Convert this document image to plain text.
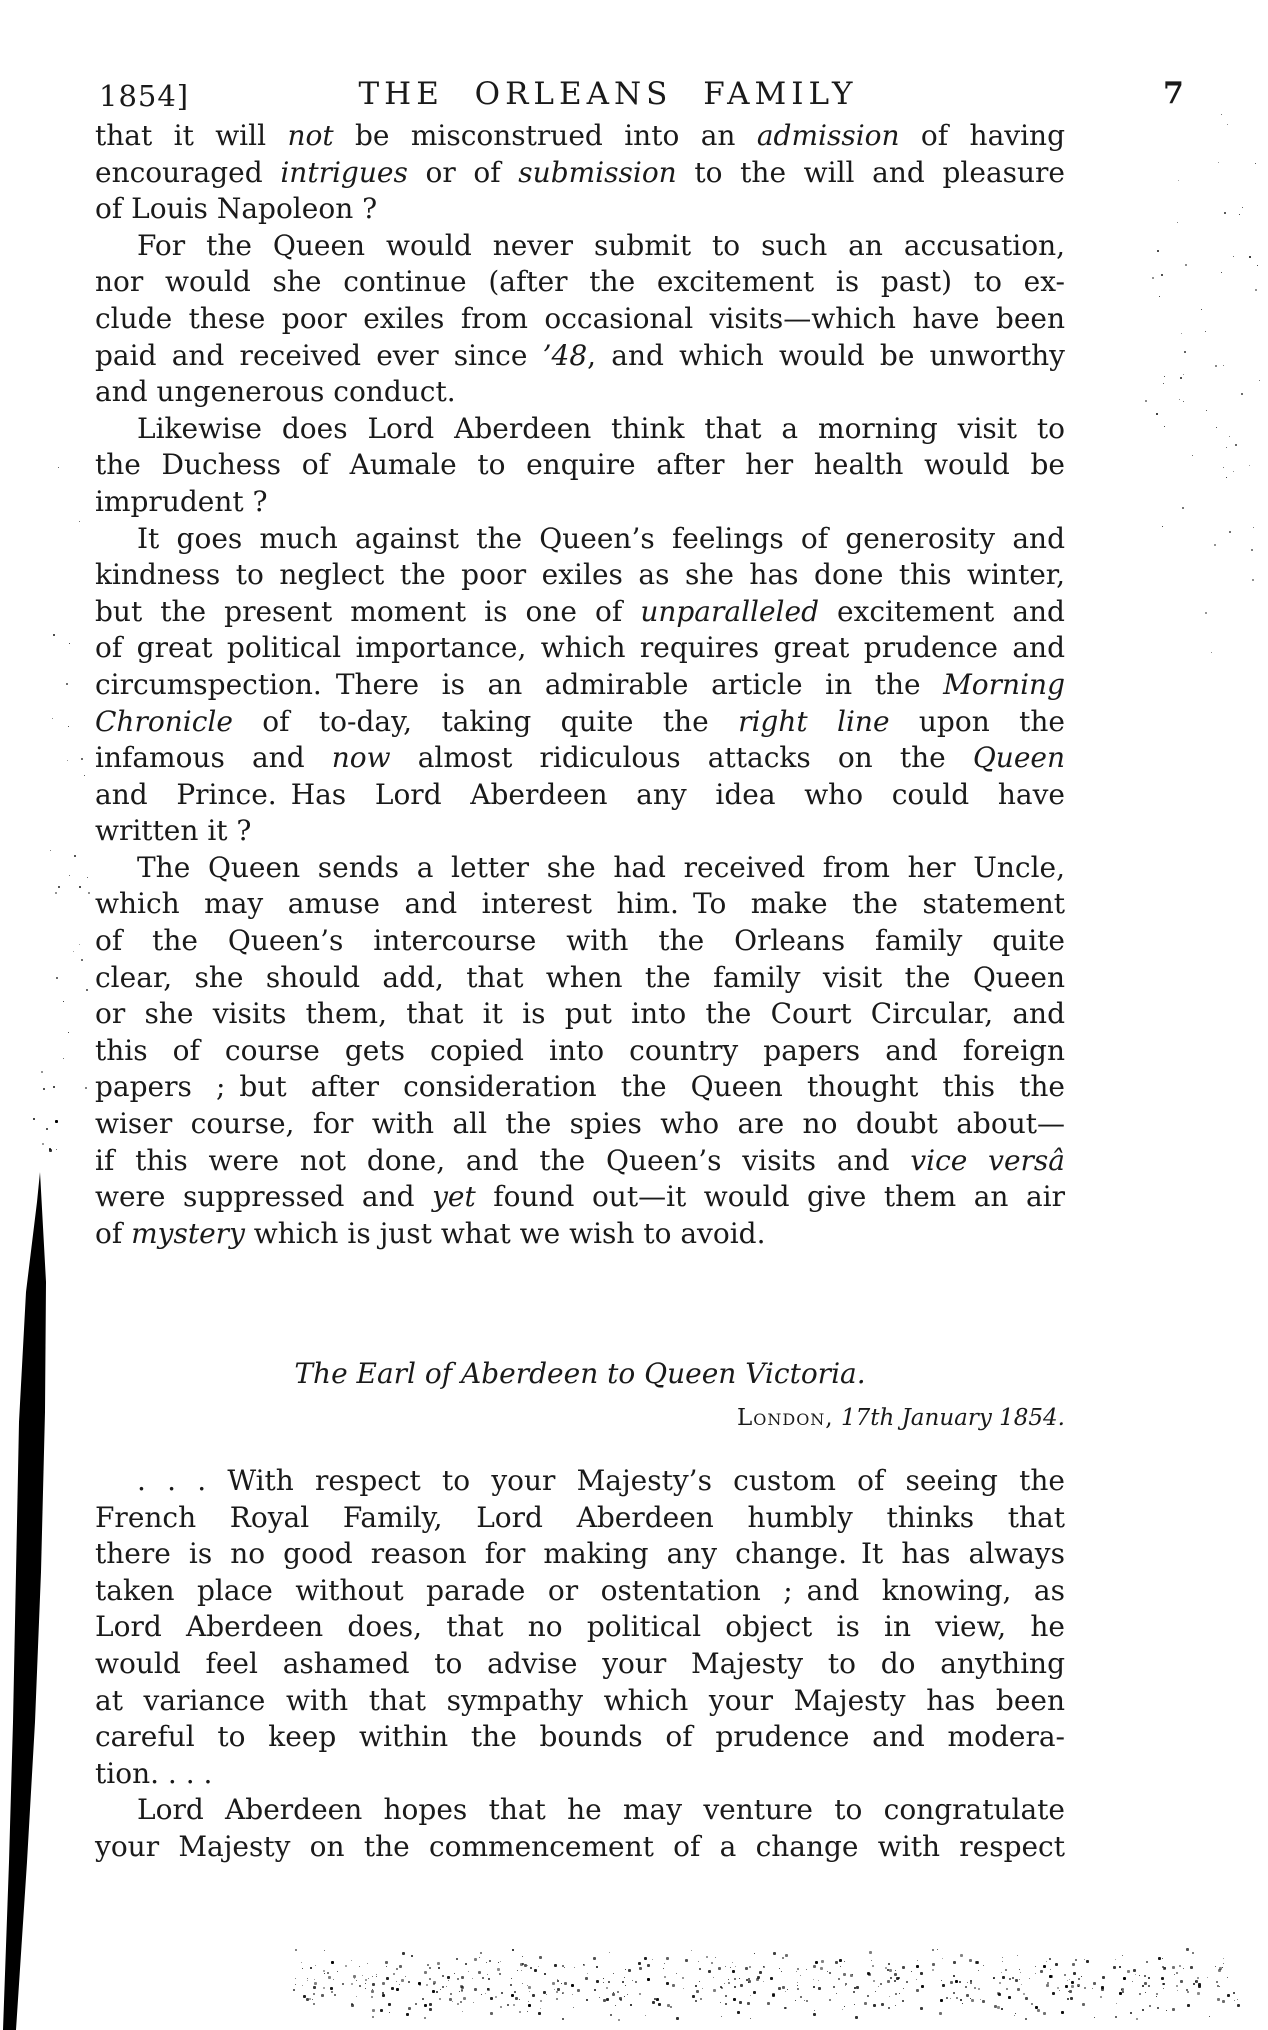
1854]	THE ORLEANS FAMILY	7
that it will not be misconstrued into an admission of having
encouraged intrigues or of submission to the will and pleasure
of Louis Napoleon ?
For the Queen would never submit to such an accusation,
nor would she continue (after the excitement is past) to ex-
clude these poor exiles from occasional visits—which have been
paid and received ever since ’48, and which would be unworthy
and ungenerous conduct.
Likewise does Lord Aberdeen think that a morning visit to
the Duchess of Aumale to enquire after her health would be
imprudent ?
It goes much against the Queen’s feelings of generosity and
kindness to neglect the poor exiles as she has done this winter,
but the present moment is one of unparalleled excitement and
of great political importance, which requires great prudence and
circumspection. There is an admirable article in the Morning
Chronicle of to-day, taking quite the right line upon the
infamous and now almost ridiculous attacks on the Queen
and Prince. Has Lord Aberdeen any idea who could have
written it ?
The Queen sends a letter she had received from her Uncle,
which may amuse and interest him. To make the statement
of the Queen’s intercourse with the Orleans family quite
clear, she should add, that when the family visit the Queen
or she visits them, that it is put into the Court Circular, and
this of course gets copied into country papers and foreign
papers ; but after consideration the Queen thought this the
wiser course, for with all the spies who are no doubt about—
if this were not done, and the Queen’s visits and vice versâ
were suppressed and yet found out—it would give them an air
of mystery which is just what we wish to avoid.
The Earl of Aberdeen to Queen Victoria.
London, 17th January 1854.
. . . With respect to your Majesty’s custom of seeing the
French Royal Family, Lord Aberdeen humbly thinks that
there is no good reason for making any change. It has always
taken place without parade or ostentation ; and knowing, as
Lord Aberdeen does, that no political object is in view, he
would feel ashamed to advise your Majesty to do anything
at variance with that sympathy which your Majesty has been
careful to keep within the bounds of prudence and modera-
tion. . . .
Lord Aberdeen hopes that he may venture to congratulate
your Majesty on the commencement of a change with respect
